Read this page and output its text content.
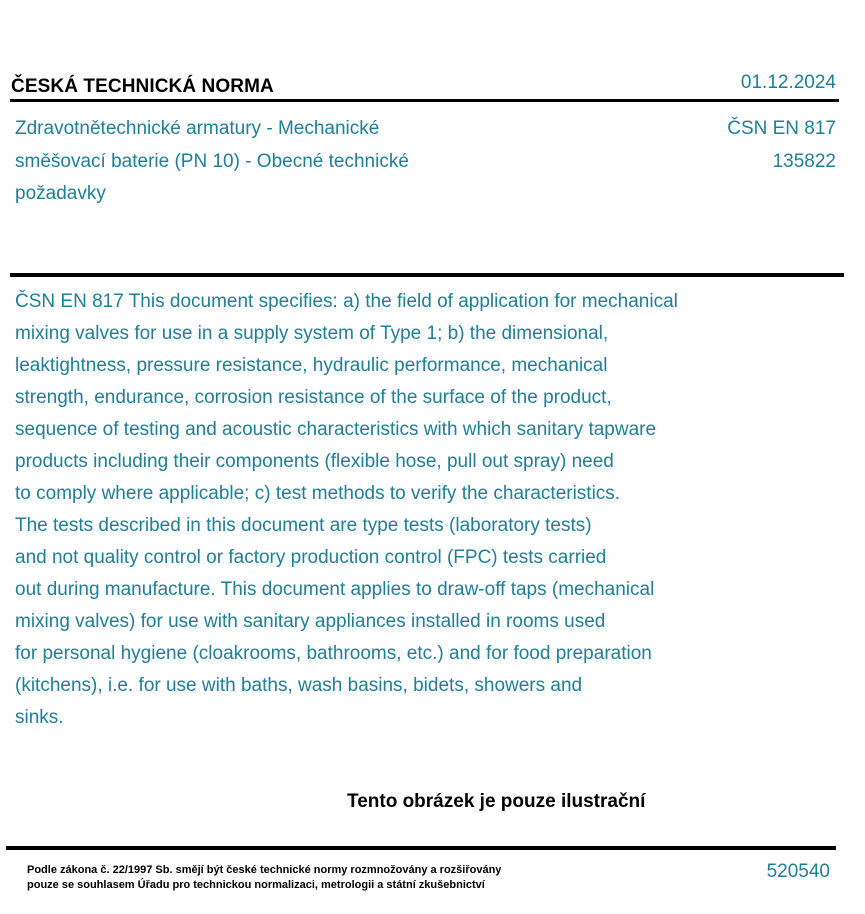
ČESKÁ TECHNICKÁ NORMA	01.12.2024
Zdravotnětechnické armatury - Mechanické směšovací baterie (PN 10) - Obecné technické požadavky
ČSN EN 817
135822
ČSN EN 817 This document specifies: a) the field of application for mechanical
mixing valves for use in a supply system of Type 1; b) the dimensional,
leaktightness, pressure resistance, hydraulic performance, mechanical
strength, endurance, corrosion resistance of the surface of the product,
sequence of testing and acoustic characteristics with which sanitary tapware
products including their components (flexible hose, pull out spray) need
to comply where applicable; c) test methods to verify the characteristics.
The tests described in this document are type tests (laboratory tests)
and not quality control or factory production control (FPC) tests carried
out during manufacture. This document applies to draw-off taps (mechanical
mixing valves) for use with sanitary appliances installed in rooms used
for personal hygiene (cloakrooms, bathrooms, etc.) and for food preparation
(kitchens), i.e. for use with baths, wash basins, bidets, showers and
sinks.
Tento obrázek je pouze ilustrační
Podle zákona č. 22/1997 Sb. smějí být české technické normy rozmnožovány a rozšiřovány
pouze se souhlasem Úřadu pro technickou normalizaci, metrologii a státní zkušebnictví
520540
